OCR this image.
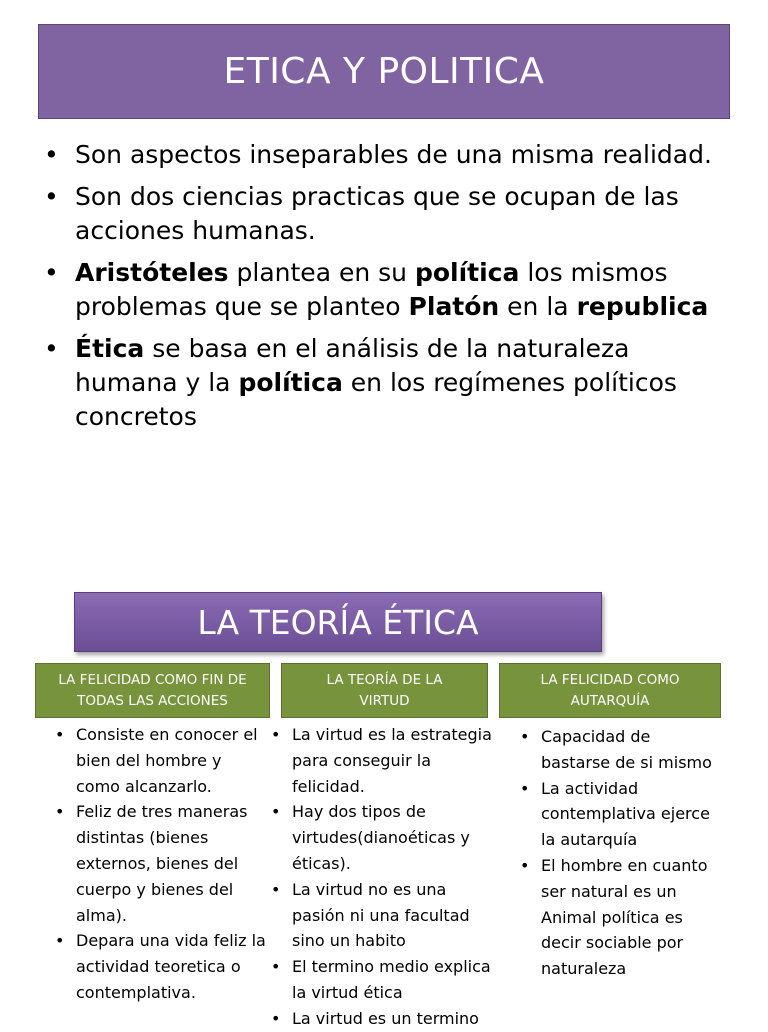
ETICA Y POLITICA
• Son aspectos inseparables de una misma realidad.
• Son dos ciencias practicas que se ocupan de las acciones humanas.
• Aristóteles plantea en su política los mismos problemas que se planteo Platón en la republica
• Ética se basa en el análisis de la naturaleza humana y la política en los regímenes políticos concretos
LA TEORÍA ÉTICA
LA FELICIDAD COMO FIN DE
TODAS LAS ACCIONES
LA TEORÍA DE LA
VIRTUD
LA FELICIDAD COMO
AUTARQUÍA
• Consiste en conocer el bien del hombre y como alcanzarlo.
• Feliz de tres maneras distintas (bienes externos, bienes del cuerpo y bienes del alma).
• Depara una vida feliz la actividad teoretica o contemplativa.
• La virtud es la estrategia para conseguir la felicidad.
• Hay dos tipos de virtudes(dianoéticas y éticas).
• La virtud no es una pasión ni una facultad sino un habito
• El termino medio explica la virtud ética
• La virtud es un termino
• Capacidad de bastarse de si mismo
• La actividad contemplativa ejerce la autarquía
• El hombre en cuanto ser natural es un Animal política es decir sociable por naturaleza
